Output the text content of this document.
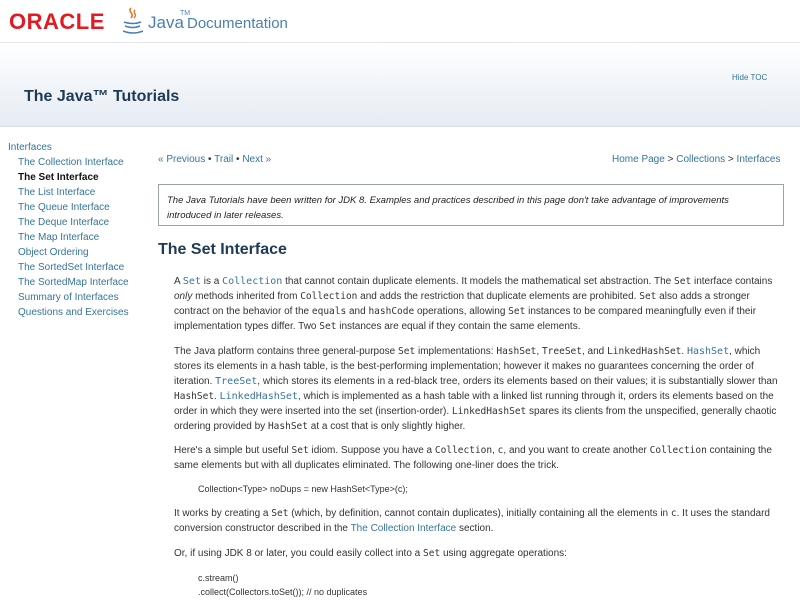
ORACLE	Java
TM
Documentation
Hide TOC
The Java™ Tutorials
Interfaces
The Collection Interface
The Set Interface
The List Interface
The Queue Interface
The Deque Interface
The Map Interface
Object Ordering
The SortedSet Interface
The SortedMap Interface
Summary of Interfaces
Questions and Exercises
« Previous • Trail • Next »	Home Page > Collections > Interfaces
The Java Tutorials have been written for JDK 8. Examples and practices described in this page don't take advantage of improvements introduced in later releases.
The Set Interface

A Set is a Collection that cannot contain duplicate elements. It models the mathematical set abstraction. The Set interface contains only methods inherited from Collection and adds the restriction that duplicate elements are prohibited. Set also adds a stronger contract on the behavior of the equals and hashCode operations, allowing Set instances to be compared meaningfully even if their implementation types differ. Two Set instances are equal if they contain the same elements.

The Java platform contains three general-purpose Set implementations: HashSet, TreeSet, and LinkedHashSet. HashSet, which stores its elements in a hash table, is the best-performing implementation; however it makes no guarantees concerning the order of iteration. TreeSet, which stores its elements in a red-black tree, orders its elements based on their values; it is substantially slower than HashSet. LinkedHashSet, which is implemented as a hash table with a linked list running through it, orders its elements based on the order in which they were inserted into the set (insertion-order). LinkedHashSet spares its clients from the unspecified, generally chaotic ordering provided by HashSet at a cost that is only slightly higher.

Here's a simple but useful Set idiom. Suppose you have a Collection, c, and you want to create another Collection containing the same elements but with all duplicates eliminated. The following one-liner does the trick.

Collection<Type> noDups = new HashSet<Type>(c);

It works by creating a Set (which, by definition, cannot contain duplicates), initially containing all the elements in c. It uses the standard conversion constructor described in the The Collection Interface section.

Or, if using JDK 8 or later, you could easily collect into a Set using aggregate operations:

c.stream()
.collect(Collectors.toSet()); // no duplicates
